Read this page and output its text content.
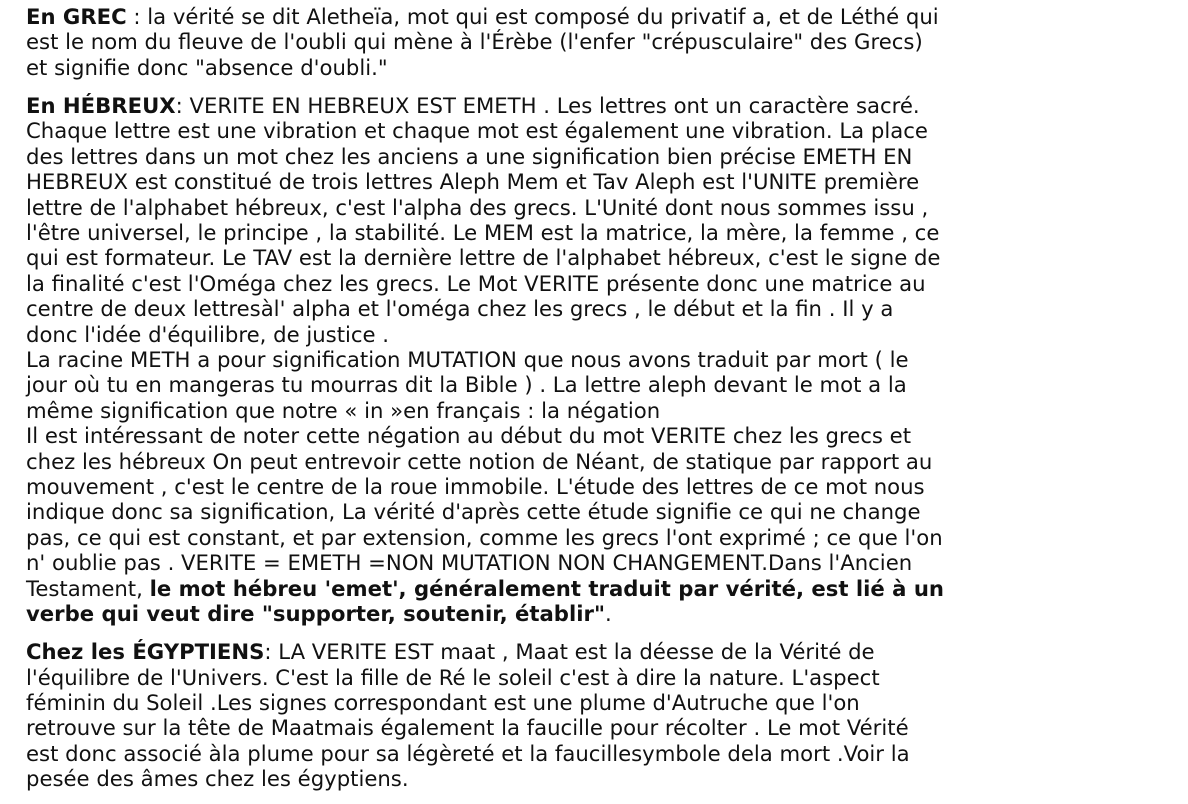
En GREC : la vérité se dit Aletheïa, mot qui est composé du privatif a, et de Léthé qui
est le nom du fleuve de l'oubli qui mène à l'Érèbe (l'enfer "crépusculaire" des Grecs)
et signifie donc "absence d'oubli."
En HÉBREUX: VERITE EN HEBREUX EST EMETH . Les lettres ont un caractère sacré.
Chaque lettre est une vibration et chaque mot est également une vibration. La place
des lettres dans un mot chez les anciens a une signification bien précise EMETH EN
HEBREUX est constitué de trois lettres Aleph Mem et Tav Aleph est l'UNITE première
lettre de l'alphabet hébreux, c'est l'alpha des grecs. L'Unité dont nous sommes issu ,
l'être universel, le principe , la stabilité. Le MEM est la matrice, la mère, la femme , ce
qui est formateur. Le TAV est la dernière lettre de l'alphabet hébreux, c'est le signe de
la finalité c'est l'Oméga chez les grecs. Le Mot VERITE présente donc une matrice au
centre de deux lettresàl' alpha et l'oméga chez les grecs , le début et la fin . Il y a
donc l'idée d'équilibre, de justice .
La racine METH a pour signification MUTATION que nous avons traduit par mort ( le
jour où tu en mangeras tu mourras dit la Bible ) . La lettre aleph devant le mot a la
même signification que notre « in »en français : la négation
Il est intéressant de noter cette négation au début du mot VERITE chez les grecs et
chez les hébreux On peut entrevoir cette notion de Néant, de statique par rapport au
mouvement , c'est le centre de la roue immobile. L'étude des lettres de ce mot nous
indique donc sa signification, La vérité d'après cette étude signifie ce qui ne change
pas, ce qui est constant, et par extension, comme les grecs l'ont exprimé ; ce que l'on
n' oublie pas . VERITE = EMETH =NON MUTATION NON CHANGEMENT.Dans l'Ancien
Testament, le mot hébreu 'emet', généralement traduit par vérité, est lié à un
verbe qui veut dire "supporter, soutenir, établir".
Chez les ÉGYPTIENS: LA VERITE EST maat , Maat est la déesse de la Vérité de
l'équilibre de l'Univers. C'est la fille de Ré le soleil c'est à dire la nature. L'aspect
féminin du Soleil .Les signes correspondant est une plume d'Autruche que l'on
retrouve sur la tête de Maatmais également la faucille pour récolter . Le mot Vérité
est donc associé àla plume pour sa légèreté et la faucillesymbole dela mort .Voir la
pesée des âmes chez les égyptiens.
